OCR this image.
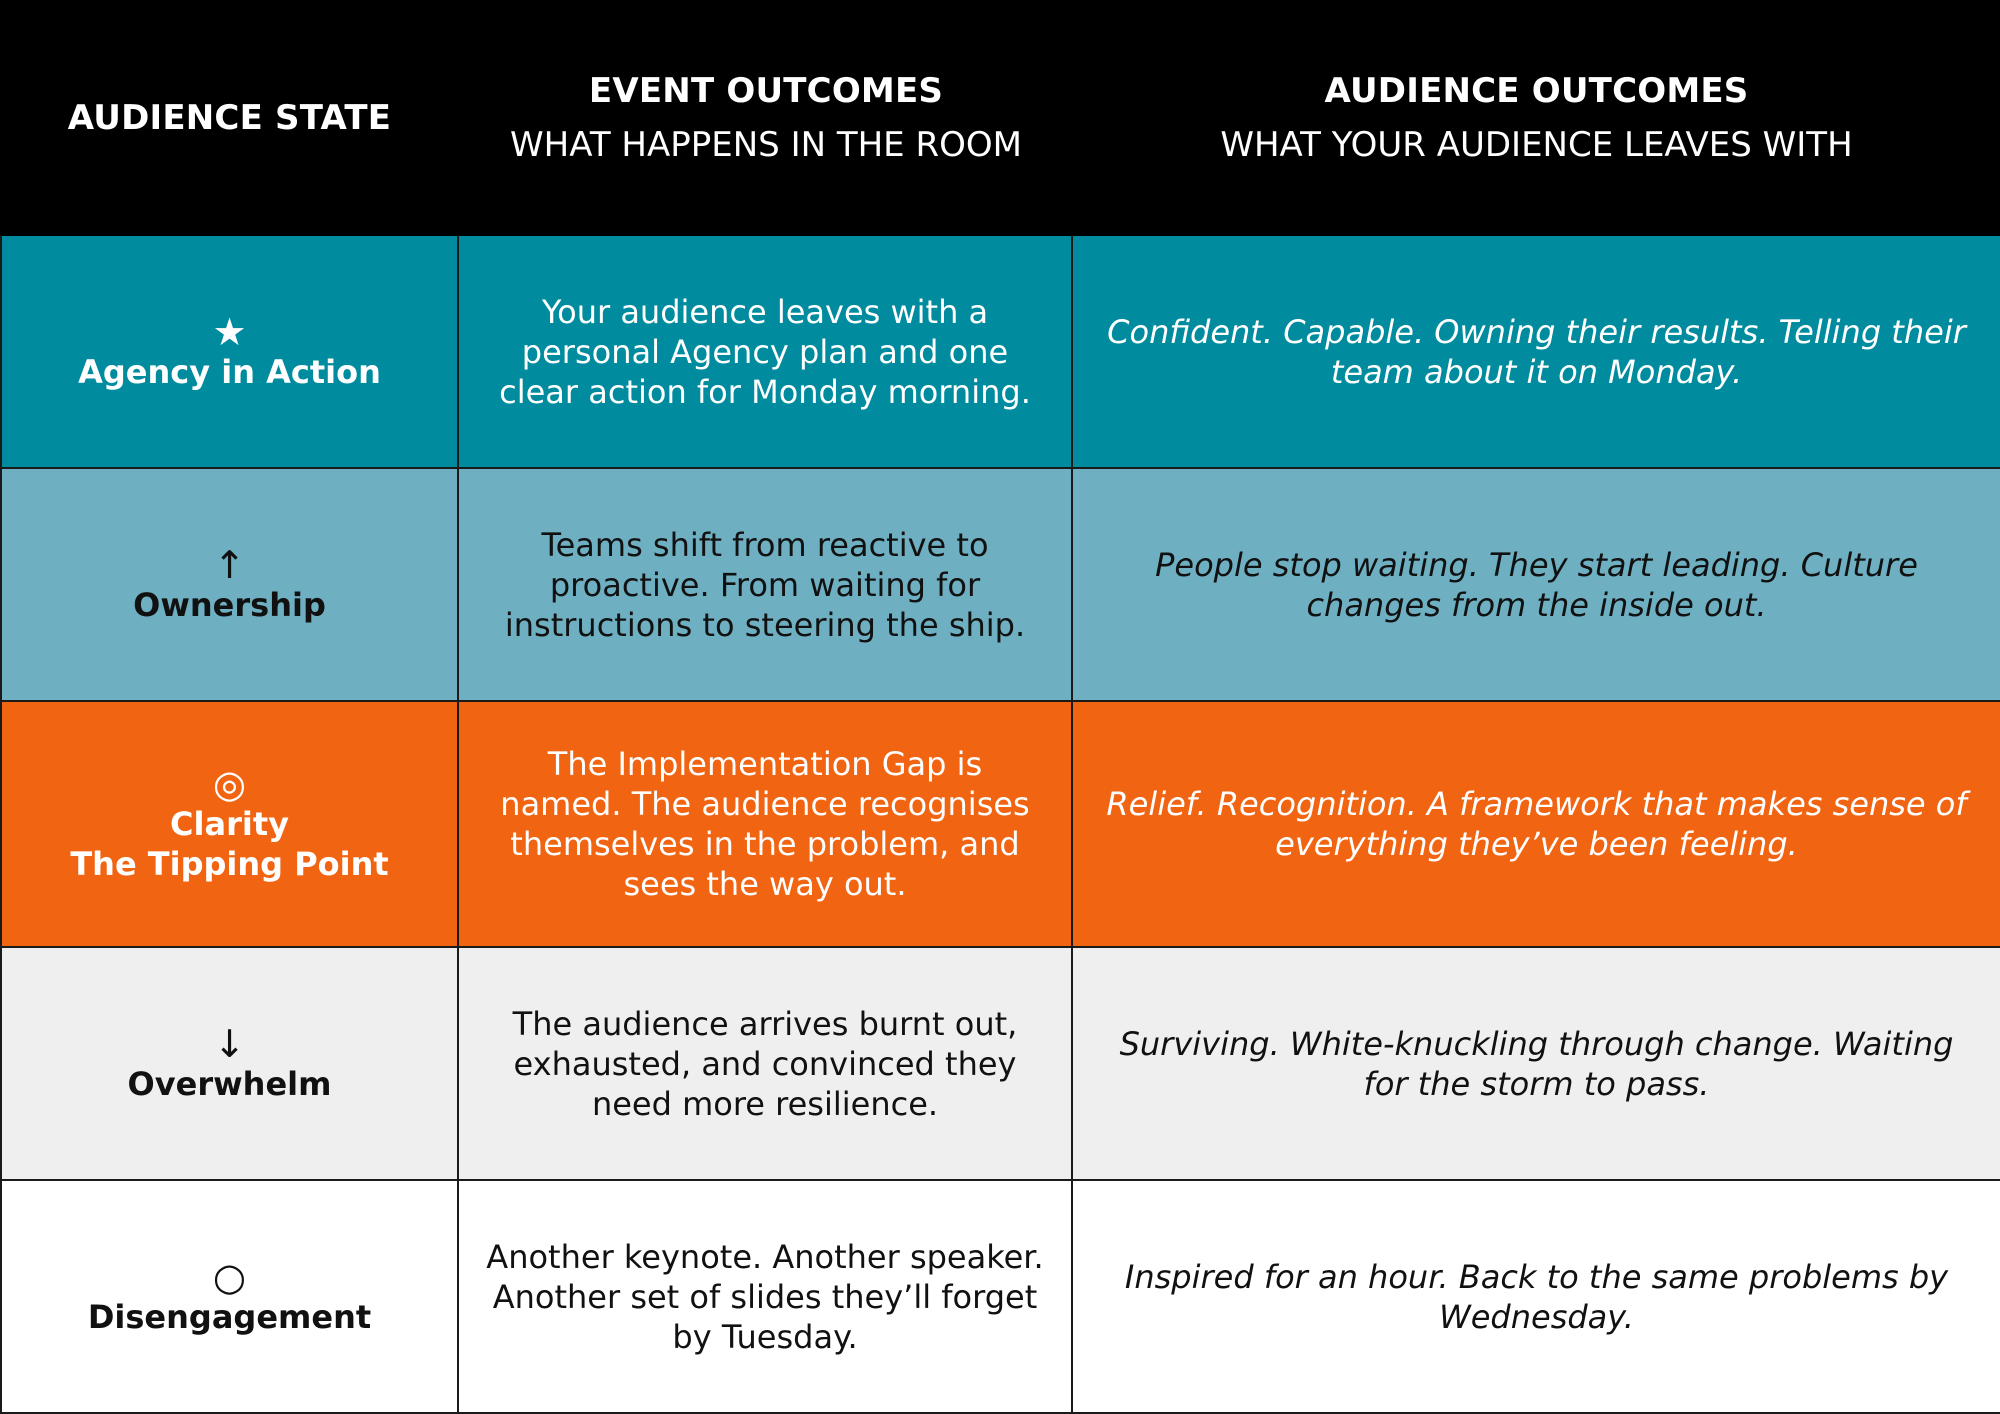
AUDIENCE STATE
EVENT OUTCOMES
WHAT HAPPENS IN THE ROOM
AUDIENCE OUTCOMES
WHAT YOUR AUDIENCE LEAVES WITH
★
Agency in Action
Your audience leaves with a personal Agency plan and one clear action for Monday morning.
Confident. Capable. Owning their results. Telling their team about it on Monday.
↑
Ownership
Teams shift from reactive to proactive. From waiting for instructions to steering the ship.
People stop waiting. They start leading. Culture changes from the inside out.
◎
Clarity
The Tipping Point
The Implementation Gap is named. The audience recognises themselves in the problem, and sees the way out.
Relief. Recognition. A framework that makes sense of everything they’ve been feeling.
↓
Overwhelm
The audience arrives burnt out, exhausted, and convinced they need more resilience.
Surviving. White-knuckling through change. Waiting for the storm to pass.
○
Disengagement
Another keynote. Another speaker. Another set of slides they’ll forget by Tuesday.
Inspired for an hour. Back to the same problems by Wednesday.
